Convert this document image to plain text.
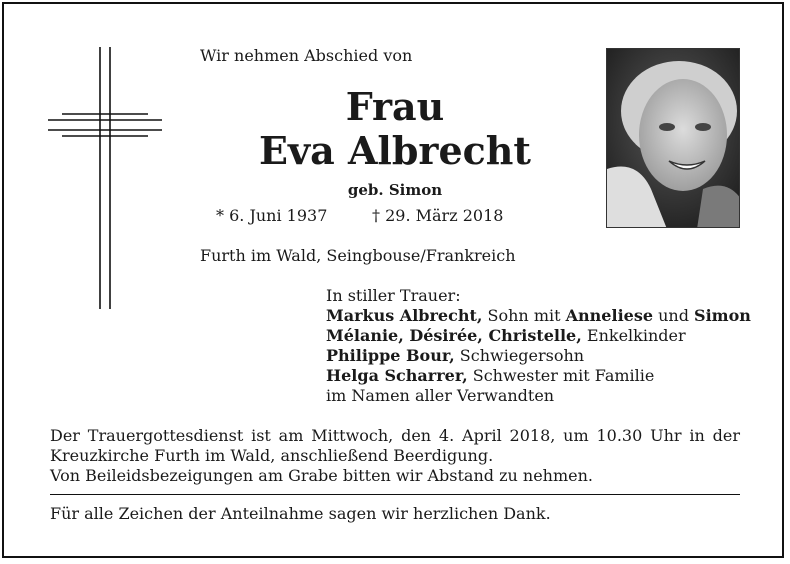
Wir nehmen Abschied von
Frau
Eva Albrecht
geb. Simon
* 6. Juni 1937	† 29. März 2018
Furth im Wald, Seingbouse/Frankreich
In stiller Trauer:
Markus Albrecht, Sohn mit Anneliese und Simon
Mélanie, Désirée, Christelle, Enkelkinder
Philippe Bour, Schwiegersohn
Helga Scharrer, Schwester mit Familie
im Namen aller Verwandten
Der Trauergottesdienst ist am Mittwoch, den 4. April 2018, um 10.30 Uhr in der Kreuzkirche Furth im Wald, anschließend Beerdigung.
Von Beileidsbezeigungen am Grabe bitten wir Abstand zu nehmen.
Für alle Zeichen der Anteilnahme sagen wir herzlichen Dank.
